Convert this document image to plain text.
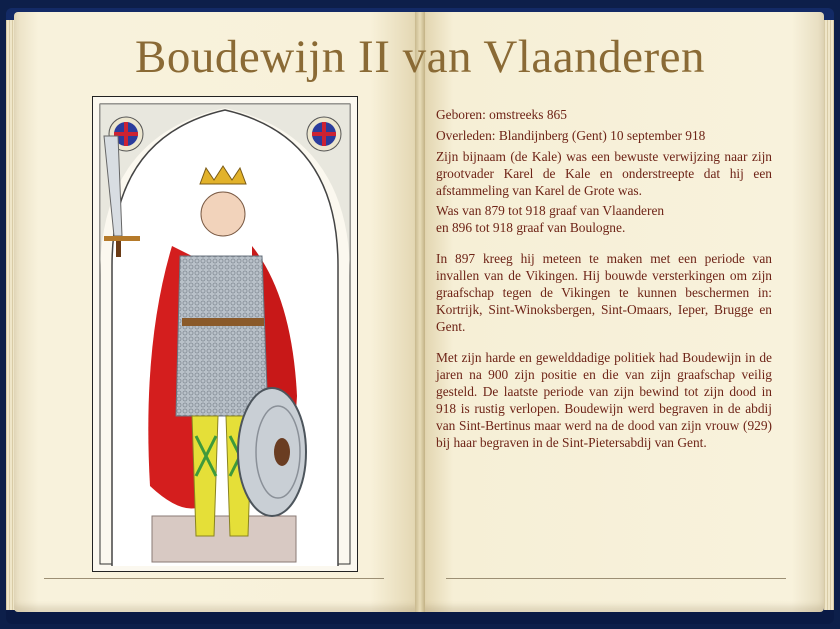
Boudewijn II van Vlaanderen

Geboren: omstreeks 865

Overleden: Blandijnberg (Gent) 10 september 918

Zijn bijnaam (de Kale) was een bewuste verwijzing naar zijn grootvader Karel de Kale en onderstreepte dat hij een afstammeling van Karel de Grote was.

Was van 879 tot 918 graaf van Vlaanderen

en 896 tot 918 graaf van Boulogne.

In 897 kreeg hij meteen te maken met een periode van invallen van de Vikingen. Hij bouwde versterkingen om zijn graafschap tegen de Vikingen te kunnen beschermen in: Kortrijk, Sint-Winoksbergen, Sint-Omaars, Ieper, Brugge en Gent.

Met zijn harde en gewelddadige politiek had Boudewijn in de jaren na 900 zijn positie en die van zijn graafschap veilig gesteld. De laatste periode van zijn bewind tot zijn dood in 918 is rustig verlopen. Boudewijn werd begraven in de abdij van Sint-Bertinus maar werd na de dood van zijn vrouw (929) bij haar begraven in de Sint-Pietersabdij van Gent.
